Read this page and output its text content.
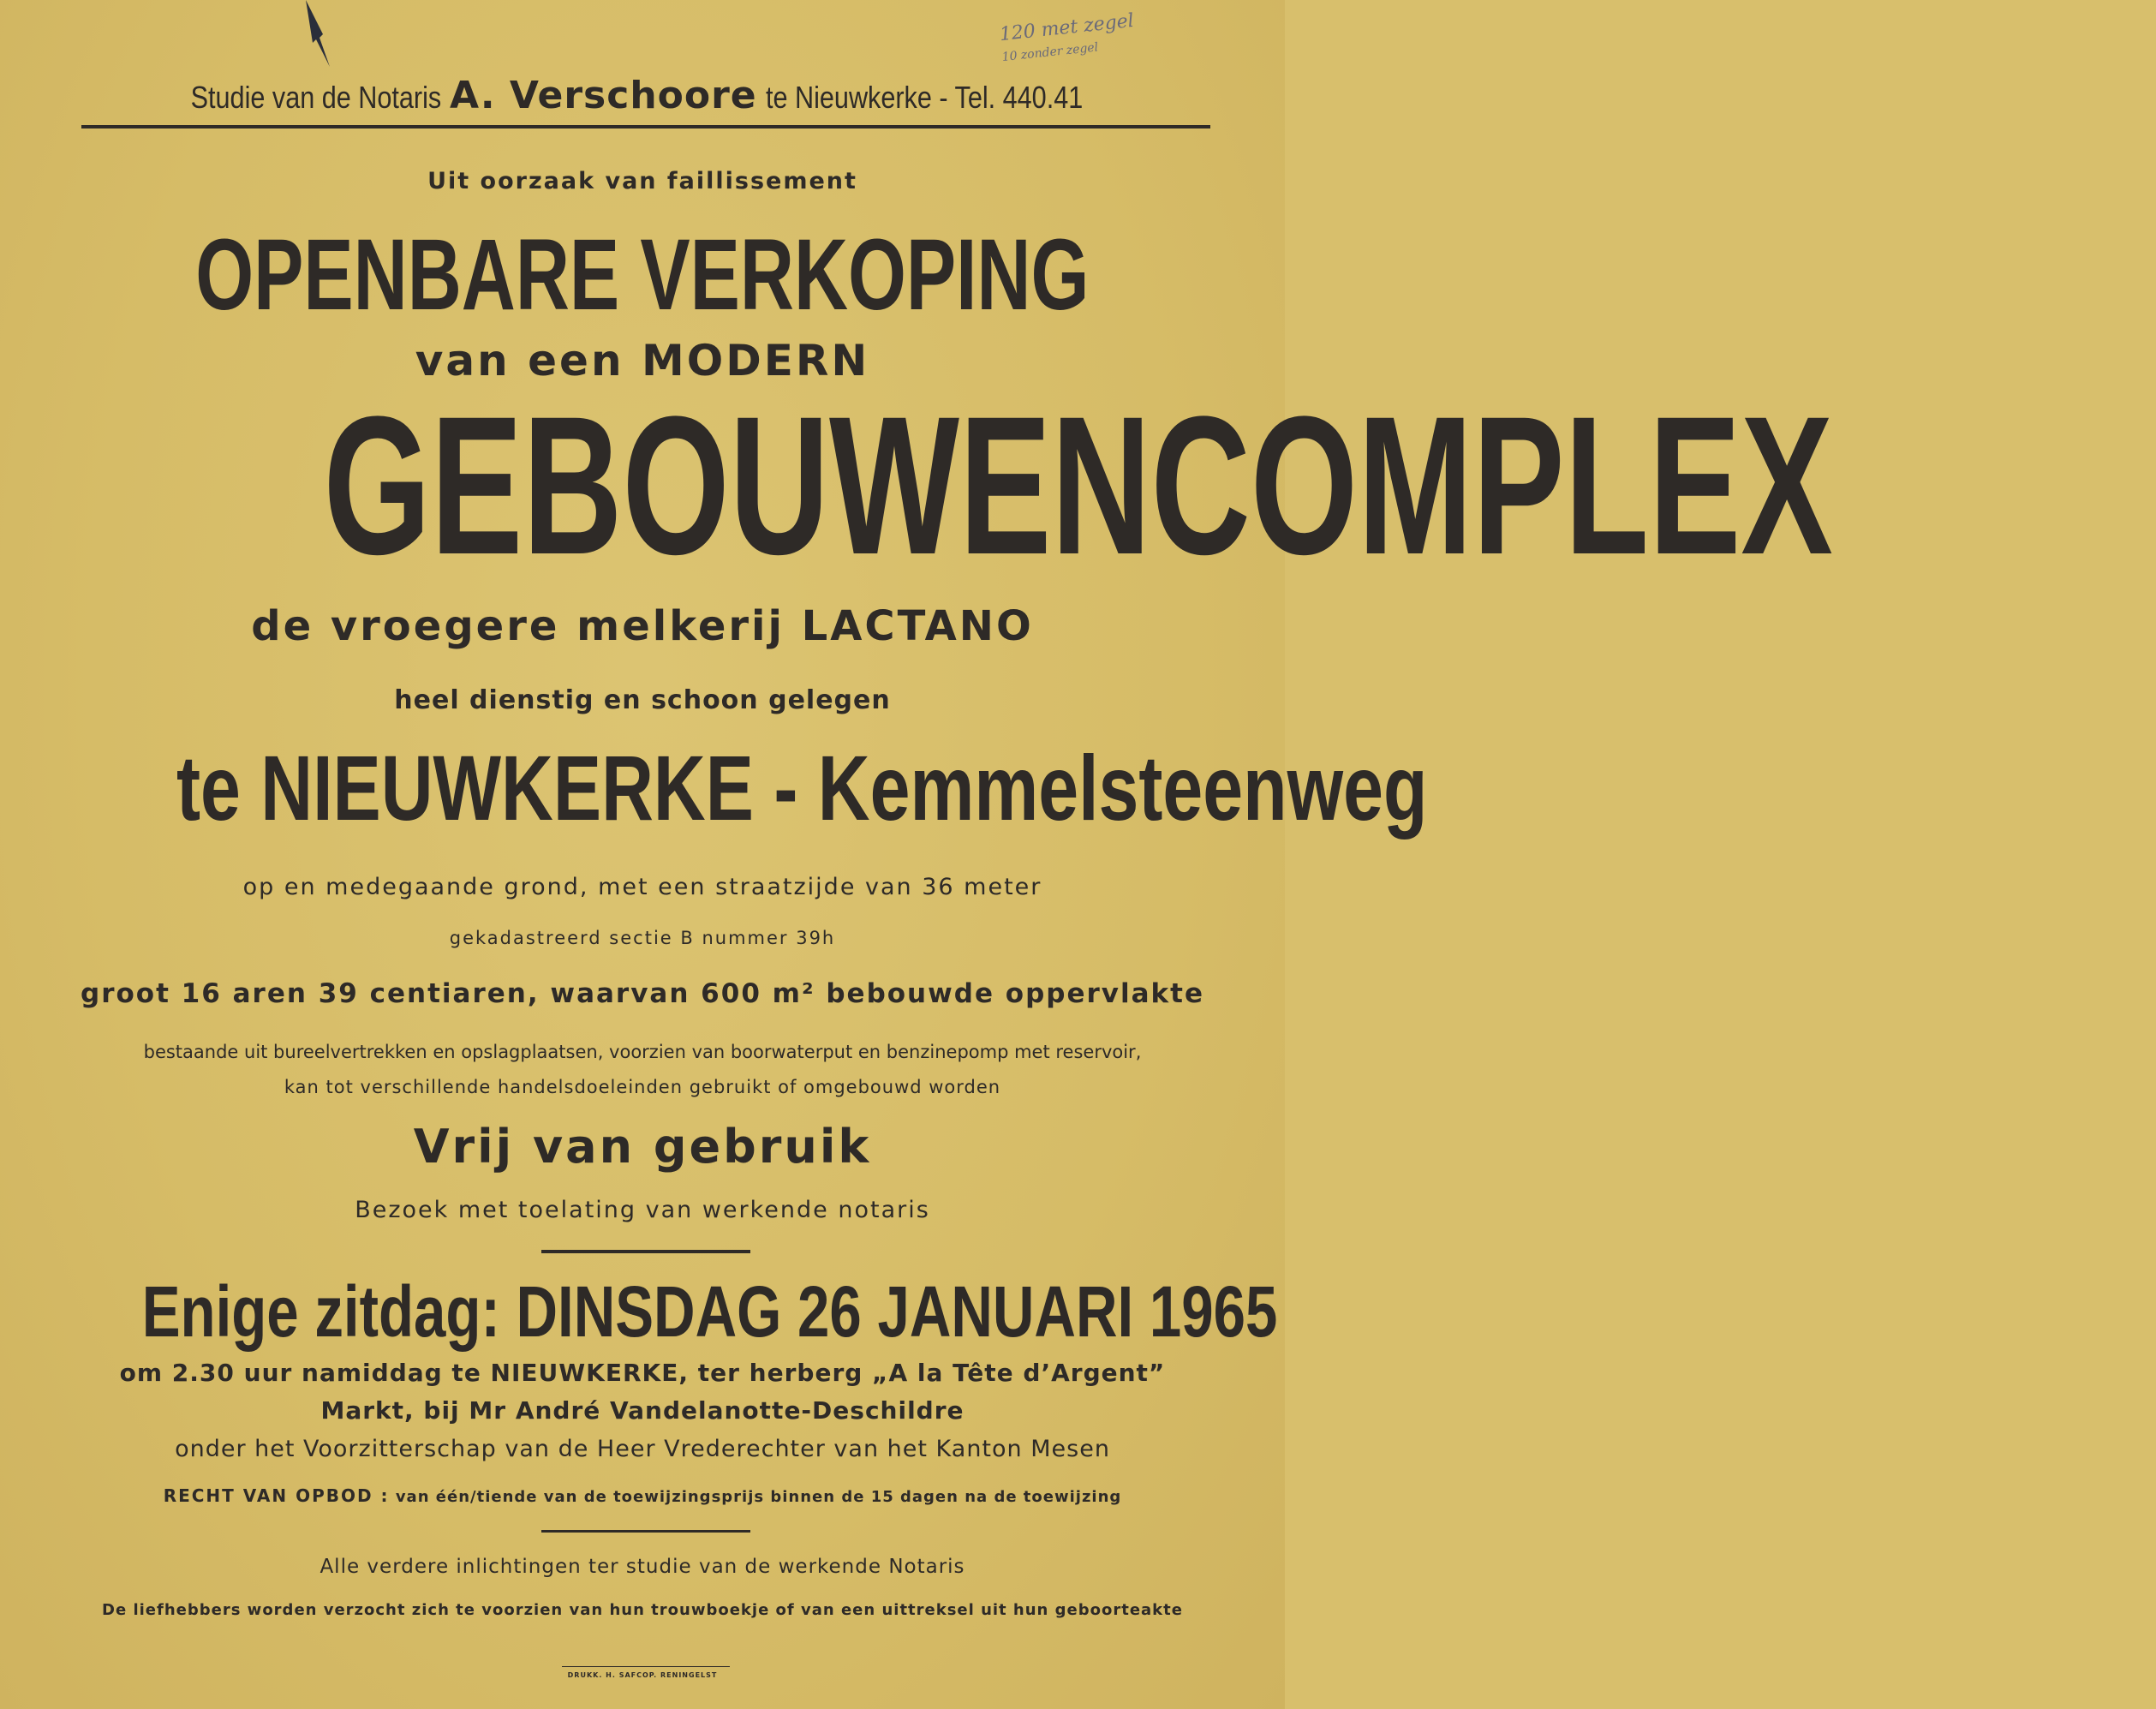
120 met zegel
10 zonder zegel
Studie van de Notaris A. Verschoore te Nieuwkerke - Tel. 440.41
Uit oorzaak van faillissement
OPENBARE VERKOPING
van een MODERN
GEBOUWENCOMPLEX
de vroegere melkerij LACTANO
heel dienstig en schoon gelegen
te NIEUWKERKE - Kemmelsteenweg
op en medegaande grond, met een straatzijde van 36 meter
gekadastreerd sectie B nummer 39h
groot 16 aren 39 centiaren, waarvan 600 m² bebouwde oppervlakte
bestaande uit bureelvertrekken en opslagplaatsen, voorzien van boorwaterput en benzinepomp met reservoir,
kan tot verschillende handelsdoeleinden gebruikt of omgebouwd worden
Vrij van gebruik
Bezoek met toelating van werkende notaris
Enige zitdag: DINSDAG 26 JANUARI 1965
om 2.30 uur namiddag te NIEUWKERKE, ter herberg „A la Tête d’Argent”
Markt, bij Mr André Vandelanotte-Deschildre
onder het Voorzitterschap van de Heer Vrederechter van het Kanton Mesen
RECHT VAN OPBOD : van één/tiende van de toewijzingsprijs binnen de 15 dagen na de toewijzing
Alle verdere inlichtingen ter studie van de werkende Notaris
De liefhebbers worden verzocht zich te voorzien van hun trouwboekje of van een uittreksel uit hun geboorteakte
DRUKK. H. SAFCOP. RENINGELST
